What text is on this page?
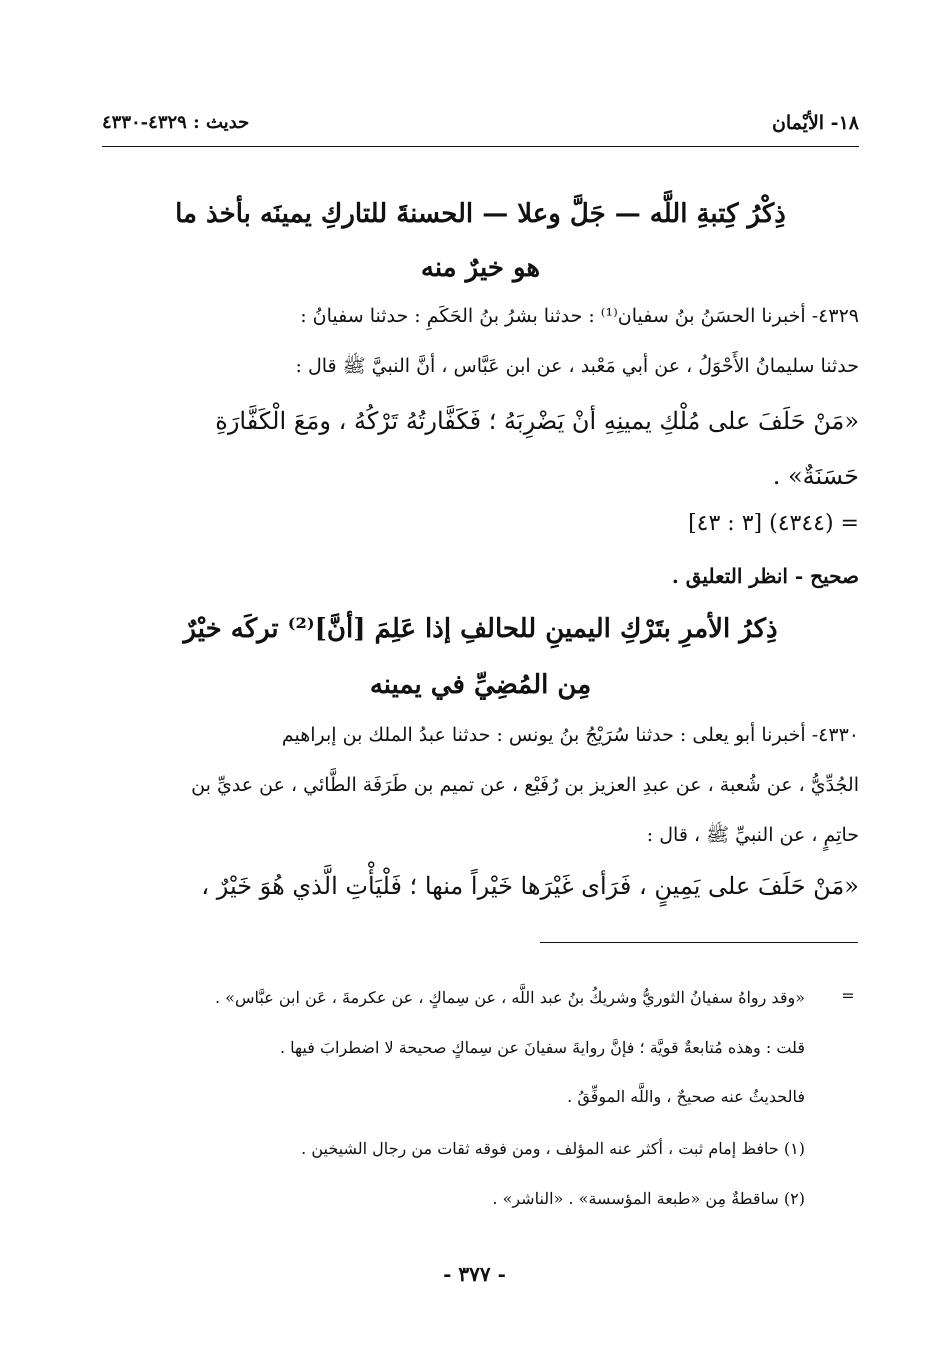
١٨- الأيْمان
حديث : ٤٣٢٩-٤٣٣٠
ذِكْرُ كِتبةِ اللَّه — جَلَّ وعلا — الحسنةَ للتاركِ يمينَه بأخذ ما
هو خيرٌ منه
٤٣٢٩- أخبرنا الحسَنُ بنُ سفيان⁽¹⁾ : حدثنا بشرُ بنُ الحَكَمِ : حدثنا سفيانُ :
حدثنا سليمانُ الأَحْوَلُ ، عن أبي مَعْبد ، عن ابن عَبَّاس ، أنَّ النبيَّ ﷺ قال :
«مَنْ حَلَفَ على مُلْكِ يمينِهِ أنْ يَضْرِبَهُ ؛ فَكَفَّارتُهُ تَرْكُهُ ، ومَعَ الْكَفَّارَةِ
حَسَنَةٌ» .
= (٤٣٤٤) [٣ : ٤٣]
صحيح - انظر التعليق .
ذِكرُ الأمرِ بتَرْكِ اليمينِ للحالفِ إذا عَلِمَ [أنَّ]⁽²⁾ تركَه خيْرٌ
مِن المُضِيِّ في يمينه
٤٣٣٠- أخبرنا أبو يعلى : حدثنا سُرَيْجُ بنُ يونس : حدثنا عبدُ الملك بن إبراهيم
الجُدِّيُّ ، عن شُعبة ، عن عبدِ العزيز بن رُفَيْع ، عن تميم بن طَرَفَة الطَّائي ، عن عديِّ بن
حاتِمٍ ، عن النبيِّ ﷺ ، قال :
«مَنْ حَلَفَ على يَمِينٍ ، فَرَأى غَيْرَها خَيْراً منها ؛ فَلْيَأْتِ الَّذي هُوَ خَيْرٌ ،
=
«وقد رواهُ سفيانُ الثوريُّ وشريكُ بنُ عبد اللَّه ، عن سِماكٍ ، عن عكرمةَ ، عَن ابن عبَّاس» .
قلت : وهذه مُتابعةٌ قويَّة ؛ فإنَّ روايةَ سفيانَ عن سِماكٍ صحيحة لا اضطرابَ فيها .
فالحديثُ عنه صحيحٌ ، واللَّه الموفِّقُ .
(١) حافظ إمام ثبت ، أكثر عنه المؤلف ، ومن فوقه ثقات من رجال الشيخين .
(٢) ساقطةٌ مِن «طبعة المؤسسة» . «الناشر» .
- ٣٧٧ -
